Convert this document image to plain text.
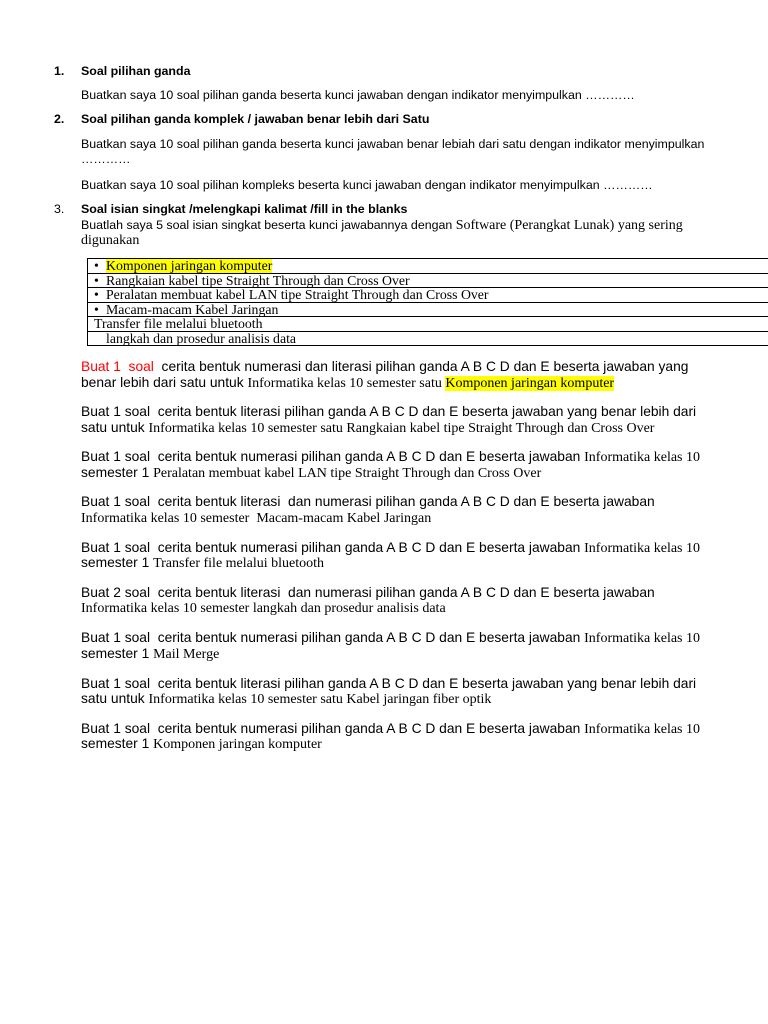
1. Soal pilihan ganda
Buatkan saya 10 soal pilihan ganda beserta kunci jawaban dengan indikator menyimpulkan …………
2. Soal pilihan ganda komplek / jawaban benar lebih dari Satu
Buatkan saya 10 soal pilihan ganda beserta kunci jawaban benar lebiah dari satu dengan indikator menyimpulkan
…………
Buatkan saya 10 soal pilihan kompleks beserta kunci jawaban dengan indikator menyimpulkan …………
3. Soal isian singkat /melengkapi kalimat /fill in the blanks
Buatlah saya 5 soal isian singkat beserta kunci jawabannya dengan Software (Perangkat Lunak) yang sering
digunakan
• Komponen jaringan komputer
• Rangkaian kabel tipe Straight Through dan Cross Over
• Peralatan membuat kabel LAN tipe Straight Through dan Cross Over
• Macam-macam Kabel Jaringan
Transfer file melalui bluetooth
langkah dan prosedur analisis data
Buat 1  soal  cerita bentuk numerasi dan literasi pilihan ganda A B C D dan E beserta jawaban yang
benar lebih dari satu untuk Informatika kelas 10 semester satu Komponen jaringan komputer
Buat 1 soal  cerita bentuk literasi pilihan ganda A B C D dan E beserta jawaban yang benar lebih dari
satu untuk Informatika kelas 10 semester satu Rangkaian kabel tipe Straight Through dan Cross Over
Buat 1 soal  cerita bentuk numerasi pilihan ganda A B C D dan E beserta jawaban Informatika kelas 10
semester 1 Peralatan membuat kabel LAN tipe Straight Through dan Cross Over
Buat 1 soal  cerita bentuk literasi  dan numerasi pilihan ganda A B C D dan E beserta jawaban
Informatika kelas 10 semester  Macam-macam Kabel Jaringan
Buat 1 soal  cerita bentuk numerasi pilihan ganda A B C D dan E beserta jawaban Informatika kelas 10
semester 1 Transfer file melalui bluetooth
Buat 2 soal  cerita bentuk literasi  dan numerasi pilihan ganda A B C D dan E beserta jawaban
Informatika kelas 10 semester langkah dan prosedur analisis data
Buat 1 soal  cerita bentuk numerasi pilihan ganda A B C D dan E beserta jawaban Informatika kelas 10
semester 1 Mail Merge
Buat 1 soal  cerita bentuk literasi pilihan ganda A B C D dan E beserta jawaban yang benar lebih dari
satu untuk Informatika kelas 10 semester satu Kabel jaringan fiber optik
Buat 1 soal  cerita bentuk numerasi pilihan ganda A B C D dan E beserta jawaban Informatika kelas 10
semester 1 Komponen jaringan komputer
